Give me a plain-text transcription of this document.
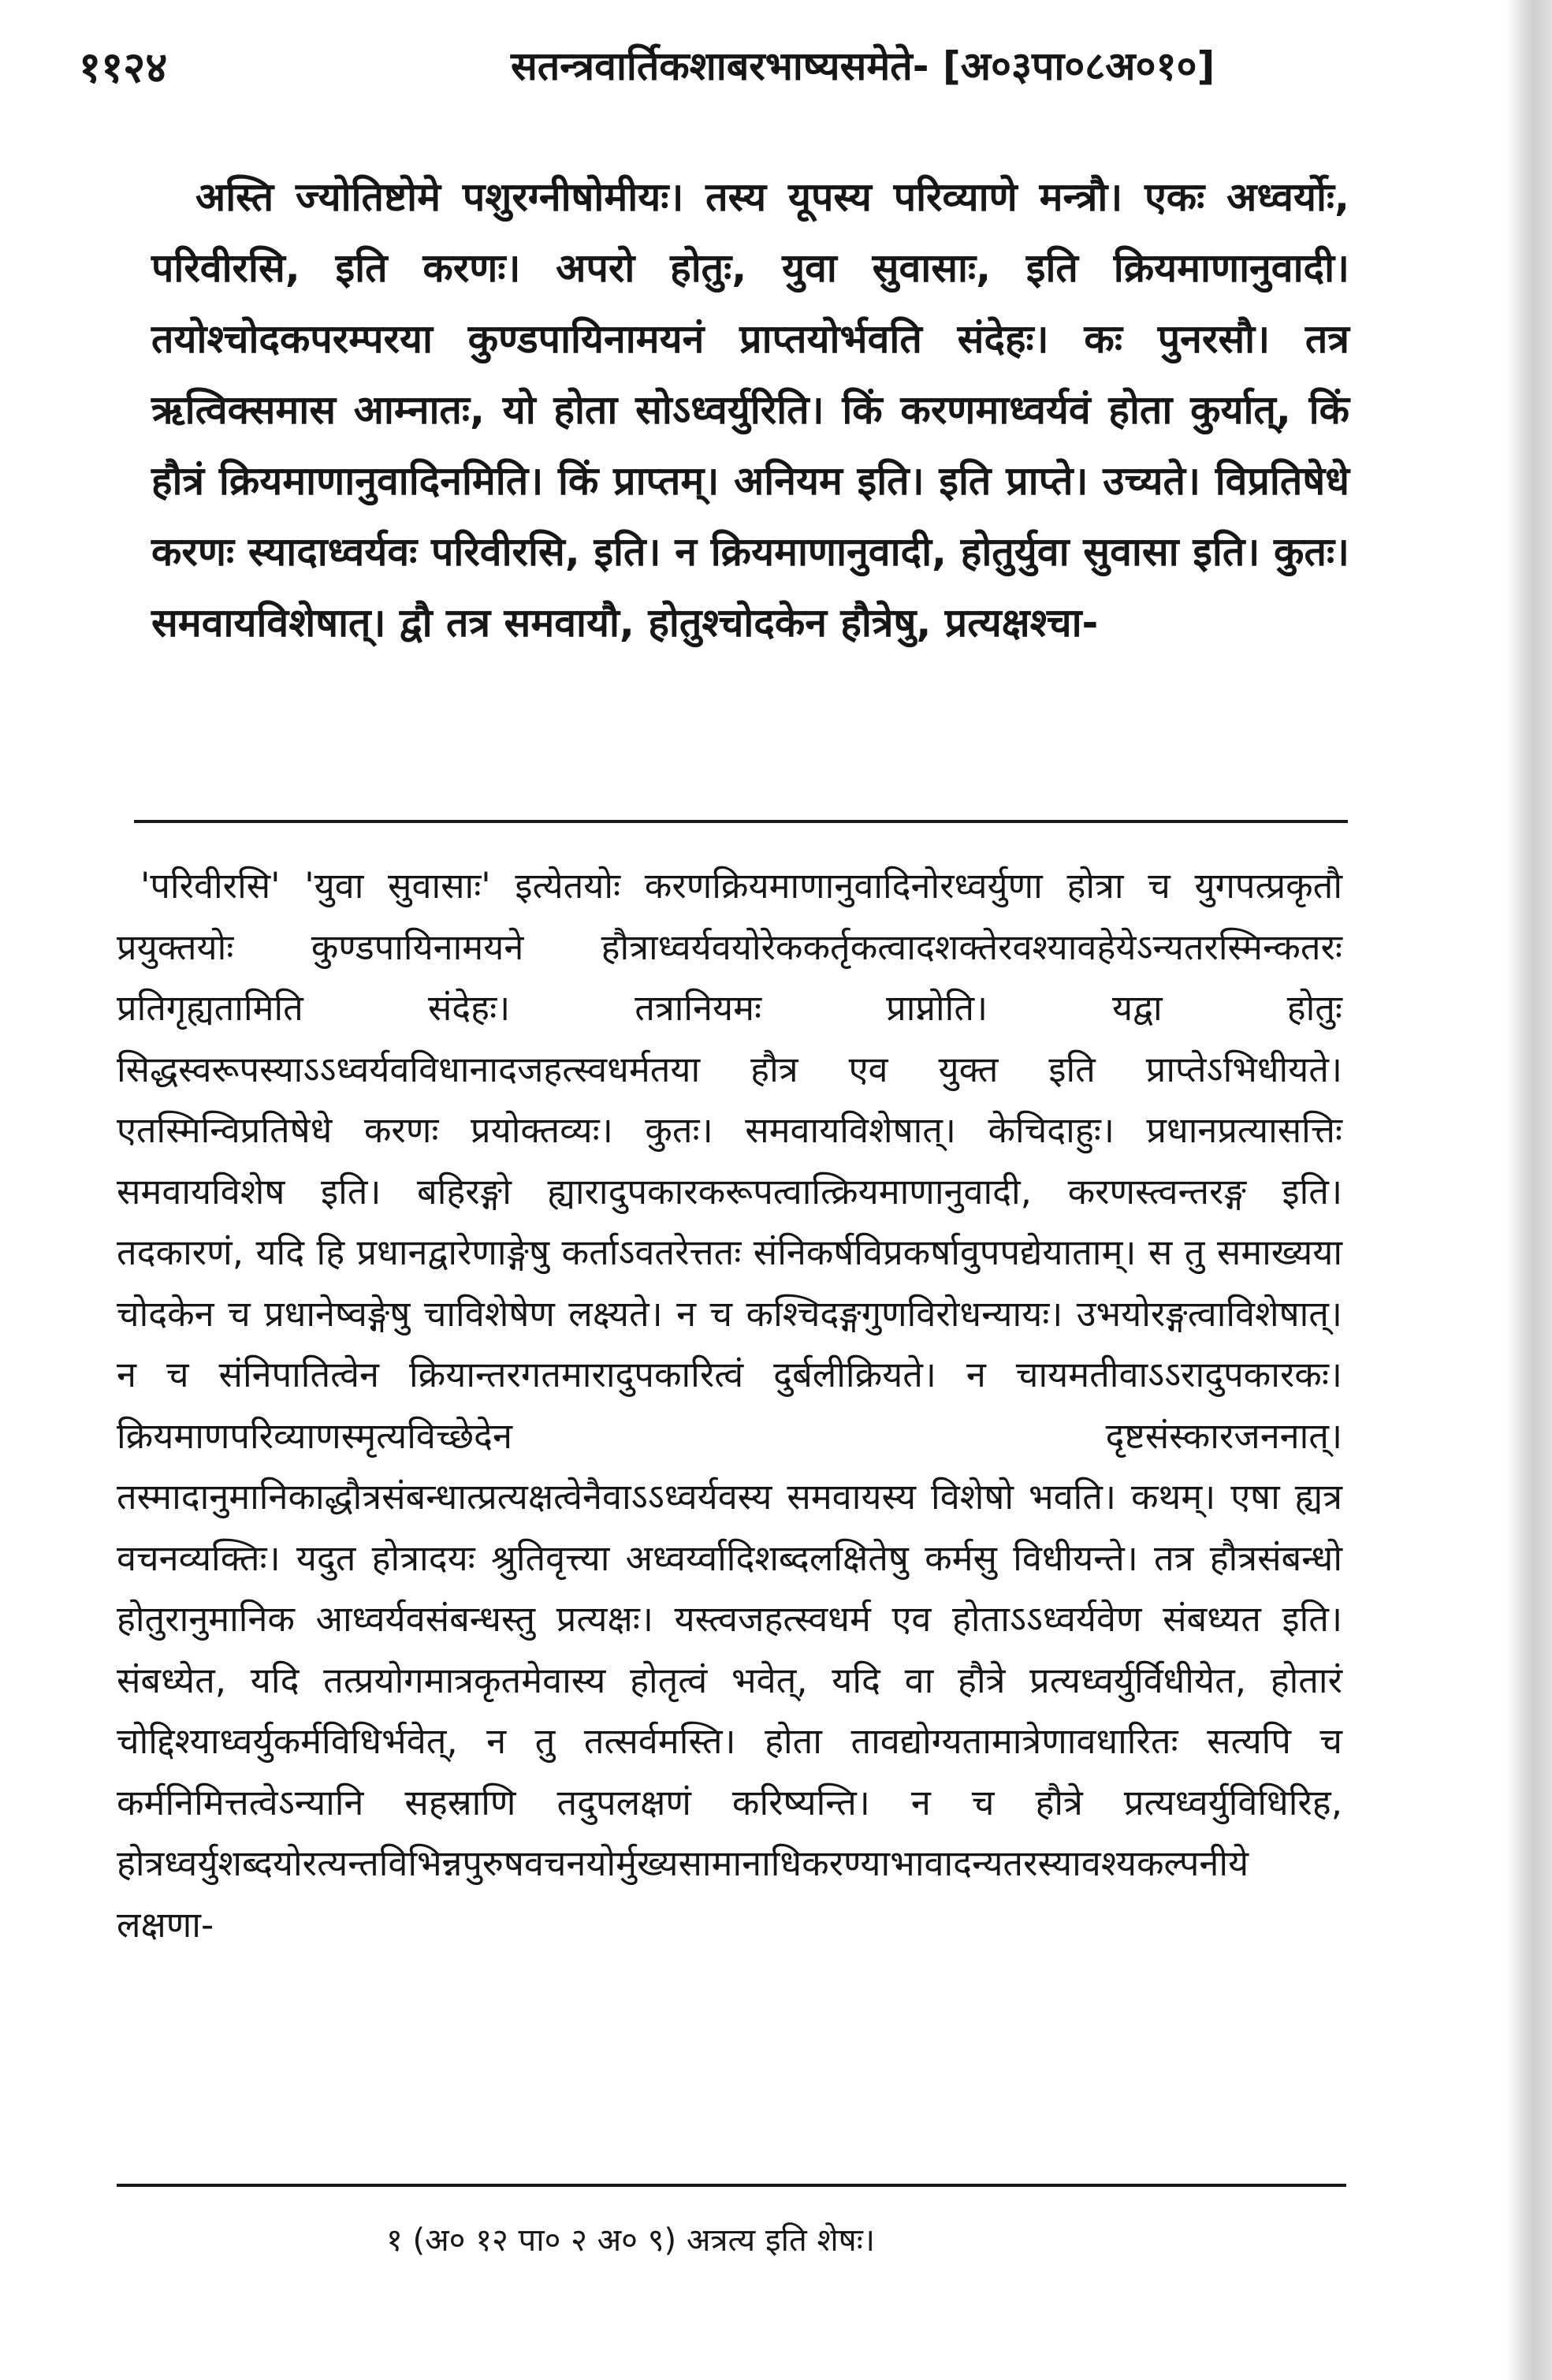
११२४	सतन्त्रवार्तिकशाबरभाष्यसमेते- [अ०३पा०८अ०१०]

अस्ति ज्योतिष्टोमे पशुरग्नीषोमीयः। तस्य यूपस्य परिव्याणे मन्त्रौ। एकः अध्वर्योः, परिवीरसि, इति करणः। अपरो होतुः, युवा सुवासाः, इति क्रियमाणानुवादी। तयोश्चोदकपरम्परया कुण्डपायिनामयनं प्राप्तयोर्भवति संदेहः। कः पुनरसौ। तत्र ऋत्विक्समास आम्नातः, यो होता सोऽध्वर्युरिति। किं करणमाध्वर्यवं होता कुर्यात्, किं हौत्रं क्रियमाणानुवादिनमिति। किं प्राप्तम्। अनियम इति। इति प्राप्ते। उच्यते। विप्रतिषेधे करणः स्यादाध्वर्यवः परिवीरसि, इति। न क्रियमाणानुवादी, होतुर्युवा सुवासा इति। कुतः। समवायविशेषात्। द्वौ तत्र समवायौ, होतुश्चोदकेन हौत्रेषु, प्रत्यक्षश्चा-

'परिवीरसि' 'युवा सुवासाः' इत्येतयोः करणक्रियमाणानुवादिनोरध्वर्युणा होत्रा च युगपत्प्रकृतौ प्रयुक्तयोः कुण्डपायिनामयने हौत्राध्वर्यवयोरेककर्तृकत्वादशक्तेरवश्यावहेयेऽन्यतरस्मिन्कतरः प्रतिगृह्यतामिति संदेहः। तत्रानियमः प्राप्नोति। यद्वा होतुः सिद्धस्वरूपस्याऽऽध्वर्यवविधानादजहत्स्वधर्मतया हौत्र एव युक्त इति प्राप्तेऽभिधीयते। एतस्मिन्विप्रतिषेधे करणः प्रयोक्तव्यः। कुतः। समवायविशेषात्। केचिदाहुः। प्रधानप्रत्यासत्तिः समवायविशेष इति। बहिरङ्गो ह्यारादुपकारकरूपत्वात्क्रियमाणानुवादी, करणस्त्वन्तरङ्ग इति। तदकारणं, यदि हि प्रधानद्वारेणाङ्गेषु कर्ताऽवतरेत्ततः संनिकर्षविप्रकर्षावुपपद्येयाताम्। स तु समाख्यया चोदकेन च प्रधानेष्वङ्गेषु चाविशेषेण लक्ष्यते। न च कश्चिदङ्गगुणविरोधन्यायः। उभयोरङ्गत्वाविशेषात्। न च संनिपातित्वेन क्रियान्तरगतमारादुपकारित्वं दुर्बलीक्रियते। न चायमतीवाऽऽरादुपकारकः। क्रियमाणपरिव्याणस्मृत्यविच्छेदेन दृष्टसंस्कारजननात्। तस्मादानुमानिकाद्धौत्रसंबन्धात्प्रत्यक्षत्वेनैवाऽऽध्वर्यवस्य समवायस्य विशेषो भवति। कथम्। एषा ह्यत्र वचनव्यक्तिः। यदुत होत्रादयः श्रुतिवृत्त्या अध्वर्य्वादिशब्दलक्षितेषु कर्मसु विधीयन्ते। तत्र हौत्रसंबन्धो होतुरानुमानिक आध्वर्यवसंबन्धस्तु प्रत्यक्षः। यस्त्वजहत्स्वधर्म एव होताऽऽध्वर्यवेण संबध्यत इति। संबध्येत, यदि तत्प्रयोगमात्रकृतमेवास्य होतृत्वं भवेत्, यदि वा हौत्रे प्रत्यध्वर्युर्विधीयेत, होतारं चोद्दिश्याध्वर्युकर्मविधिर्भवेत्, न तु तत्सर्वमस्ति। होता तावद्योग्यतामात्रेणावधारितः सत्यपि च कर्मनिमित्तत्वेऽन्यानि सहस्राणि तदुपलक्षणं करिष्यन्ति। न च हौत्रे प्रत्यध्वर्युविधिरिह, होत्रध्वर्युशब्दयोरत्यन्तविभिन्नपुरुषवचनयोर्मुख्यसामानाधिकरण्याभावादन्यतरस्यावश्यकल्पनीये लक्षणा-

१ (अ० १२ पा० २ अ० ९) अत्रत्य इति शेषः।
